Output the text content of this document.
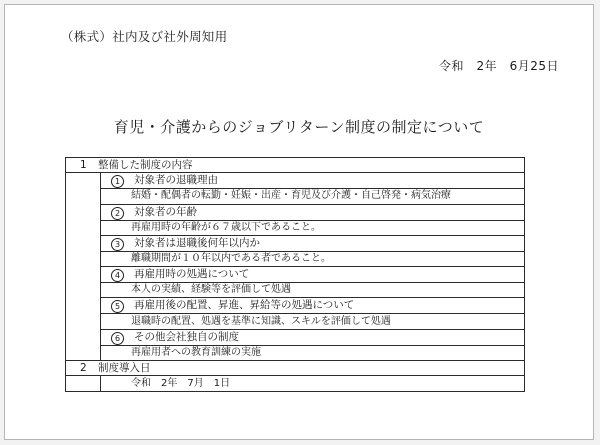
（株式）社内及び社外周知用
令和　2年　6月25日
育児・介護からのジョブリターン制度の制定について
1 整備した制度の内容	
	1 対象者の退職理由
	結婚・配偶者の転勤・妊娠・出産・育児及び介護・自己啓発・病気治療
	2 対象者の年齢
	再雇用時の年齢が６７歳以下であること。
	3 対象者は退職後何年以内か
	離職期間が１０年以内である者であること。
	4 再雇用時の処遇について
	本人の実績、経験等を評価して処遇
	5 再雇用後の配置、昇進、昇給等の処遇について
	退職時の配置、処遇を基準に知識、スキルを評価して処遇
	6 その他会社独自の制度
	再雇用者への教育訓練の実施
2 制度導入日	
	令和　2年　7月　1日
